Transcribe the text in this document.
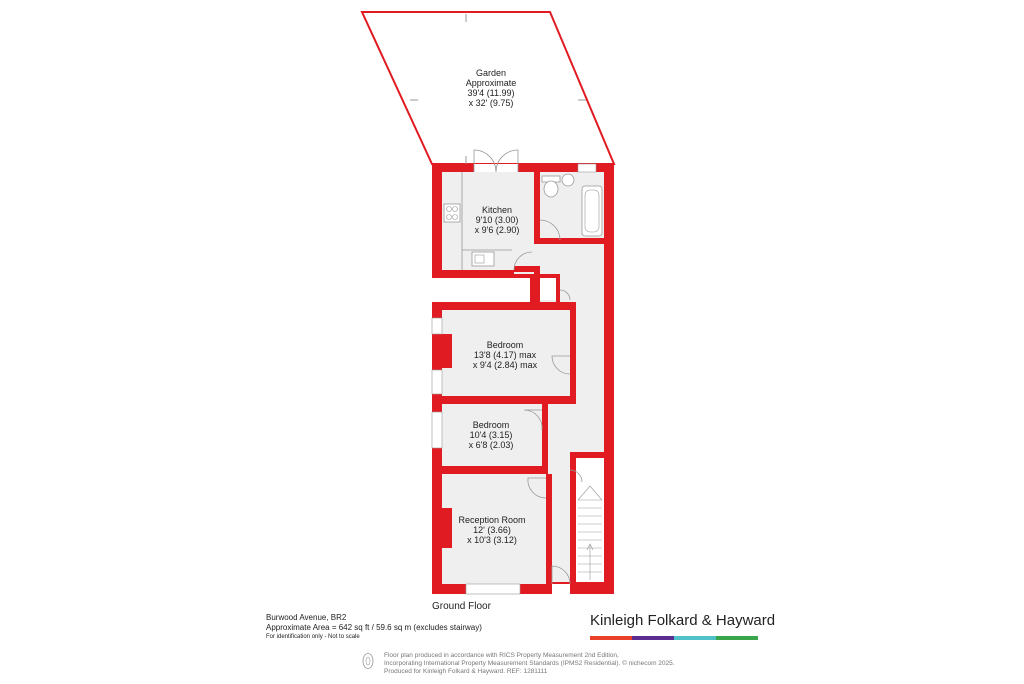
Garden
Approximate
39'4 (11.99)
x 32' (9.75)
Kitchen
9'10 (3.00)
x 9'6 (2.90)
Bedroom
13'8 (4.17) max
x 9'4 (2.84) max
Bedroom
10'4 (3.15)
x 6'8 (2.03)
Reception Room
12' (3.66)
x 10'3 (3.12)
Ground Floor
Burwood Avenue, BR2
Approximate Area = 642 sq ft / 59.6 sq m (excludes stairway)
For identification only - Not to scale
Kinleigh Folkard & Hayward
Floor plan produced in accordance with RICS Property Measurement 2nd Edition,
Incorporating International Property Measurement Standards (IPMS2 Residential). © nichecom 2025.
Produced for Kinleigh Folkard & Hayward. REF: 1281111
